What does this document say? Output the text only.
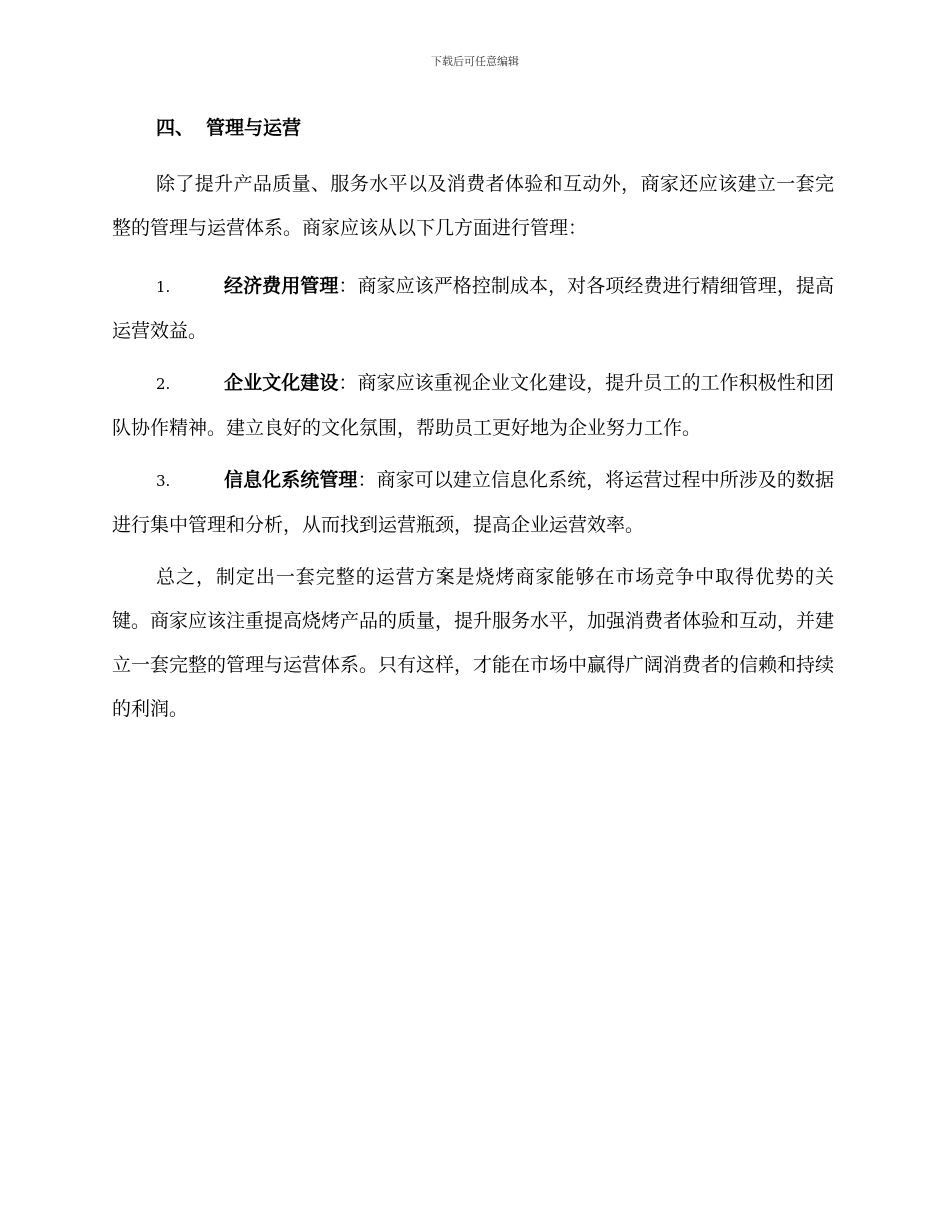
下载后可任意编辑
四、 管理与运营

除了提升产品质量、服务水平以及消费者体验和互动外，商家还应该建立一套完整的管理与运营体系。商家应该从以下几方面进行管理：

1.	经济费用管理：商家应该严格控制成本，对各项经费进行精细管理，提高运营效益。

2.	企业文化建设：商家应该重视企业文化建设，提升员工的工作积极性和团队协作精神。建立良好的文化氛围，帮助员工更好地为企业努力工作。

3.	信息化系统管理：商家可以建立信息化系统，将运营过程中所涉及的数据进行集中管理和分析，从而找到运营瓶颈，提高企业运营效率。

总之，制定出一套完整的运营方案是烧烤商家能够在市场竞争中取得优势的关键。商家应该注重提高烧烤产品的质量，提升服务水平，加强消费者体验和互动，并建立一套完整的管理与运营体系。只有这样，才能在市场中赢得广阔消费者的信赖和持续的利润。
